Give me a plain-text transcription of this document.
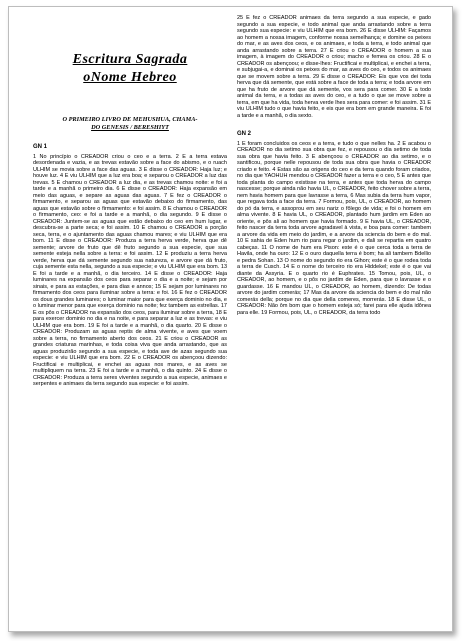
Escritura Sagrada
oNome Hebreo
O PRIMEIRO LIVRO DE MEHUSHUA, CHAMA-
DO GENESIS / BERESHIYT
GN 1

1 No princípio o CREADOR criou o ceo e a terra. 2 E a terra estava desordenada e vazia, e as trevas estavão sobre a face do abismo, e o ruach ULHIM se movia sobre a face das aguas. 3 E disse o CREADOR: Haja luz; e houve luz. 4 E viu ULHIM que a luz era boa; e separou o CREADOR a luz das trevas. 5 E chamou o CREADOR a luz dia, e as trevas chamou noite: e foi a tarde e a manhã o primeiro dia. 6 E disse o CREADOR: Haja expansão em meio das aguas, e separe as aguas das aguas. 7 E fez o CREADOR o firmamento, e separou as aguas que estavão debaixo do firmamento, das aguas que estavão sobre o firmamento: e foi assim. 8 E chamou o CREADOR o firmamento, ceo: e foi a tarde e a manhã, o dia segundo. 9 E disse o CREADOR: Juntem-se as aguas que estão debaixo do ceo em hum lugar, e descubra-se a parte seca; e foi assim. 10 E chamou o CREADOR a porção seca, terra, e o ajuntamento das aguas chamou mares; e viu ULHIM que era bom. 11 E disse o CREADOR: Produza a terra herva verde, herva que dê semente; arvore de fruto que dê fruto segundo a sua especie, que sua semente esteja nella sobre a terra: e foi assim. 12 E produziu a terra herva verde, herva que dá semente segundo sua natureza, e arvore que dá fruto, cuja semente esta nella, segundo a sua especie; e viu ULHIM que era bom. 13 E foi a tarde e a manhã, o dia terceiro. 14 E disse o CREADOR: Haja luminares na expansão dos ceos para separar o dia e a noite; e sejam por sinais, e para as estações, e para dias e annos; 15 E sejam por luminares no firmamento dos ceos para iluminar sobre a terra: e foi. 16 E fez o CREADOR os dous grandes luminares; o luminar maior para que exerça dominio no dia, e o luminar menor para que exerça dominio na noite; fez tambem as estrellas. 17 E os pôs o CREADOR na expansão dos ceos, para iluminar sobre a terra, 18 E para exercer dominio no dia e na noite, e para separar a luz e as trevas: e viu ULHIM que era bom. 19 E foi a tarde e a manhã, o dia quarto. 20 E disse o CREADOR: Produzam as aguas reptis de alma vivente, e aves que voem sobre a terra, no firmamento aberto dos ceos. 21 E criou o CREADOR as grandes criaturas marinhas, e toda coisa viva que anda arrastando, que as aguas produzirão segundo a sua especie, e toda ave de azas segundo sua especie: e viu ULHIM que era bom. 22 E o CREADOR os abençoou dizendo: Fructificai e multiplicai, e enchei as aguas nos mares, e as aves se multipliquem na terra. 23 E foi a tarde e a manhã, o dia quinto. 24 E disse o CREADOR: Produza a terra seres viventes segundo a sua especie, animaes e serpentes e animaes da terra segundo sua especie: e foi assim.

25 E fez o CREADOR animaes da terra segundo a sua especie, e gado segundo a sua especie, e todo animal que anda arrastando sobre a terra segundo sua especie: e viu ULHIM que era bom. 26 E disse ULHIM: Façamos ao homem a nossa imagem, conforme nossa semelhança; e domine os peixes do mar, e as aves dos ceos, e os animaes, e toda a terra, e todo animal que anda arrastando sobre a terra. 27 E criou o CREADOR o homem a sua imagem, à imagem do CREADOR o criou; macho e femea os criou. 28 E o CREADOR os abençoou; e disse-lhes: Fructificai e multiplicai, e enchei a terra, e subjugai-a, e dominai os peixes do mar, as aves do ceo, e todos os animaes que se movem sobre a terra. 29 E disse o CREADOR: Eis que vos dei toda herva que dá semente, que está sobre a face de toda a terra; e toda arvore em que ha fruto de arvore que dá semente, vos sera para comer. 30 E a todo animal da terra, e a todas as aves do ceo, e a tudo o que se move sobre a terra, em que ha vida, toda herva verde lhes sera para comer: e foi assim. 31 E viu ULHIM tudo o que havia feito, e eis que era bom em grande maneira. E foi a tarde e a manhã, o dia sexto.

GN 2

1 E foram concluidos os ceos e a terra, e tudo o que nelles ha. 2 E acabou o CREADOR no dia setimo sua obra que fez, e repousou o dia setimo de toda sua obra que havia feito. 3 E abençoou o CREADOR ao dia setimo, e o santificou, porque nelle repousou de toda sua obra que havia o CREADOR criado e feito. 4 Estas são as origens do ceo e da terra quando foram criados, no dia que YAOHUH mendou o CREADOR fazer a terra e o ceo, 5 E antes que toda planta do campo existisse na terra, e antes que toda herva do campo nascesse; porque ainda não havia UL, o CREADOR, feito chover sobre a terra, nem havia homem para que lavrasse a terra, 6 Mas subia da terra hum vapor, que regava toda a face da terra. 7 Formou, pois, UL, o CREADOR, ao homem do pó da terra, e assoprou em seu nariz o fôlego de vida; e foi o homem em alma vivente. 8 E havia UL, o CREADOR, plantado hum jardim em Eden ao oriente, e pôs ali ao homem que havia formado. 9 E havia UL, o CREADOR, feito nascer da terra toda arvore agradavel à vista, e boa para comer: tambem a arvore da vida em meio do jardim, e a arvore da sciencia do bem e do mal. 10 E sahia de Eden hum rio para regar o jardim, e dali se repartia em quatro cabeças. 11 O nome de hum era Pison: este é o que cerca toda a terra de Havila, onde ha ouro: 12 E o ouro daquella terra é bom; ha ali tambem Bdellio e pedra Sohan. 13 O nome do segundo rio era Gihon; este é o que rodea toda a terra de Cusch. 14 E o nome do terceiro rio era Hiddekel; este é o que vai diante da Assyria. E o quarto rio é Euphrates. 15 Tomou, pois, UL, o CREADOR, ao homem, e o pôs no jardim de Eden, para que o lavrasse e o guardasse. 16 E mandou UL, o CREADOR, ao homem, dizendo: De todas arvore do jardim comerás; 17 Mas da arvore da sciencia do bem e do mal não comerás della; porque no dia que della comeres, morrerás. 18 E disse UL, o CREADOR: Não ôm bom que o homem esteja só; farei para elle ajuda idônea para elle. 19 Formou, pois, UL, o CREADOR, da terra todo
